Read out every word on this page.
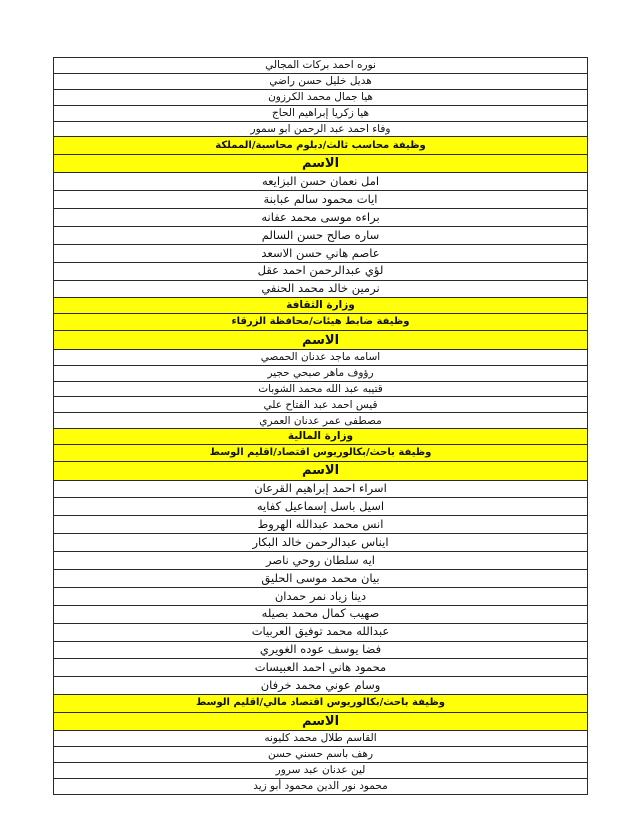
نوره احمد بركات المجالي
هديل خليل حسن راضي
هيا جمال محمد الكرزون
هيا زكريا إبراهيم الحاج
وفاء احمد عبد الرحمن ابو سمور
وظيفة محاسب ثالث/دبلوم محاسبة/المملكة
الاسم
امل نعمان حسن البزايعه
ايات محمود سالم عبابنة
براءه موسى محمد عفانه
ساره صالح حسن السالم
عاصم هاني حسن الاسعد
لؤي عبدالرحمن احمد عقل
نرمين خالد محمد الحنفي
وزارة الثقافة
وظيفة ضابط هيئات/محافظة الزرقاء
الاسم
اسامه ماجد عدنان الحمصي
رؤوف ماهر صبحي حجير
قتيبه عبد الله محمد الشوبات
قيس احمد عبد الفتاح علي
مصطفى عمر عدنان العمري
وزارة المالية
وظيفة باحث/بكالوريوس اقتصاد/اقليم الوسط
الاسم
اسراء احمد إبراهيم القرعان
اسيل باسل إسماعيل كفايه
انس محمد عبدالله الهروط
ايناس عبدالرحمن خالد البكار
ايه سلطان روحي ناصر
بيان محمد موسى الحليق
دينا زياد نمر حمدان
صهيب كمال محمد بصيله
عبدالله محمد توفيق العربيات
فضا يوسف عوده الغويري
محمود هاني احمد العبيسات
وسام عوني محمد خرفان
وظيفة باحث/بكالوريوس اقتصاد مالي/اقليم الوسط
الاسم
القاسم طلال محمد كليونه
رهف باسم حسني حسن
لين عدنان عبد سرور
محمود نور الدين محمود أبو زيد
